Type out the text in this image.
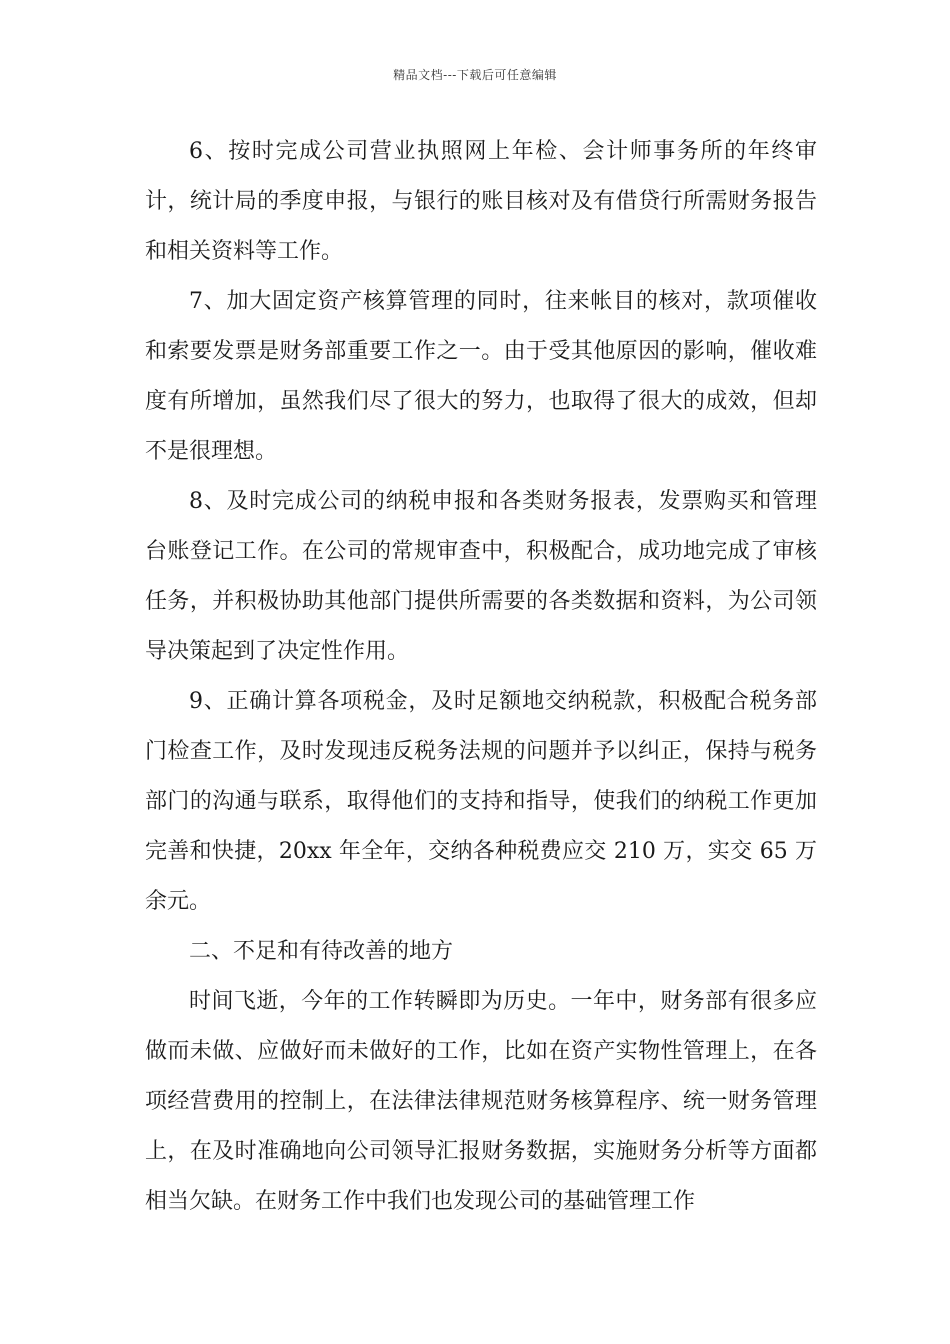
精品文档---下载后可任意编辑

6、按时完成公司营业执照网上年检、会计师事务所的年终审计，统计局的季度申报，与银行的账目核对及有借贷行所需财务报告和相关资料等工作。

7、加大固定资产核算管理的同时，往来帐目的核对，款项催收和索要发票是财务部重要工作之一。由于受其他原因的影响，催收难度有所增加，虽然我们尽了很大的努力，也取得了很大的成效，但却不是很理想。

8、及时完成公司的纳税申报和各类财务报表，发票购买和管理台账登记工作。在公司的常规审查中，积极配合，成功地完成了审核任务，并积极协助其他部门提供所需要的各类数据和资料，为公司领导决策起到了决定性作用。

9、正确计算各项税金，及时足额地交纳税款，积极配合税务部门检查工作，及时发现违反税务法规的问题并予以纠正，保持与税务部门的沟通与联系，取得他们的支持和指导，使我们的纳税工作更加完善和快捷，20xx 年全年，交纳各种税费应交 210 万，实交 65 万余元。

二、不足和有待改善的地方

时间飞逝，今年的工作转瞬即为历史。一年中，财务部有很多应做而未做、应做好而未做好的工作，比如在资产实物性管理上，在各项经营费用的控制上，在法律法律规范财务核算程序、统一财务管理上，在及时准确地向公司领导汇报财务数据，实施财务分析等方面都相当欠缺。在财务工作中我们也发现公司的基础管理工作
